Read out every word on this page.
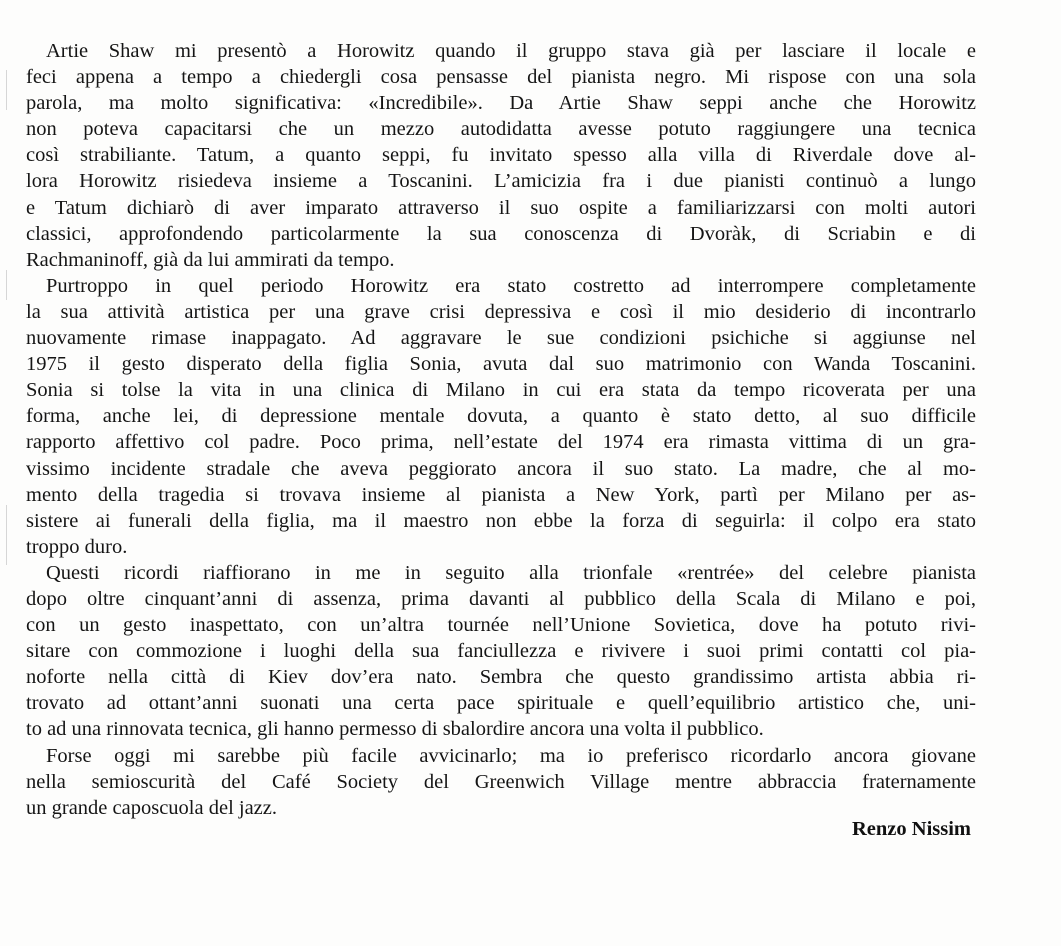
Artie Shaw mi presentò a Horowitz quando il gruppo stava già per lasciare il locale e
feci appena a tempo a chiedergli cosa pensasse del pianista negro. Mi rispose con una sola
parola, ma molto significativa: «Incredibile». Da Artie Shaw seppi anche che Horowitz
non poteva capacitarsi che un mezzo autodidatta avesse potuto raggiungere una tecnica
così strabiliante. Tatum, a quanto seppi, fu invitato spesso alla villa di Riverdale dove al-
lora Horowitz risiedeva insieme a Toscanini. L’amicizia fra i due pianisti continuò a lungo
e Tatum dichiarò di aver imparato attraverso il suo ospite a familiarizzarsi con molti autori
classici, approfondendo particolarmente la sua conoscenza di Dvoràk, di Scriabin e di
Rachmaninoff, già da lui ammirati da tempo.
Purtroppo in quel periodo Horowitz era stato costretto ad interrompere completamente
la sua attività artistica per una grave crisi depressiva e così il mio desiderio di incontrarlo
nuovamente rimase inappagato. Ad aggravare le sue condizioni psichiche si aggiunse nel
1975 il gesto disperato della figlia Sonia, avuta dal suo matrimonio con Wanda Toscanini.
Sonia si tolse la vita in una clinica di Milano in cui era stata da tempo ricoverata per una
forma, anche lei, di depressione mentale dovuta, a quanto è stato detto, al suo difficile
rapporto affettivo col padre. Poco prima, nell’estate del 1974 era rimasta vittima di un gra-
vissimo incidente stradale che aveva peggiorato ancora il suo stato. La madre, che al mo-
mento della tragedia si trovava insieme al pianista a New York, partì per Milano per as-
sistere ai funerali della figlia, ma il maestro non ebbe la forza di seguirla: il colpo era stato
troppo duro.
Questi ricordi riaffiorano in me in seguito alla trionfale «rentrée» del celebre pianista
dopo oltre cinquant’anni di assenza, prima davanti al pubblico della Scala di Milano e poi,
con un gesto inaspettato, con un’altra tournée nell’Unione Sovietica, dove ha potuto rivi-
sitare con commozione i luoghi della sua fanciullezza e rivivere i suoi primi contatti col pia-
noforte nella città di Kiev dov’era nato. Sembra che questo grandissimo artista abbia ri-
trovato ad ottant’anni suonati una certa pace spirituale e quell’equilibrio artistico che, uni-
to ad una rinnovata tecnica, gli hanno permesso di sbalordire ancora una volta il pubblico.
Forse oggi mi sarebbe più facile avvicinarlo; ma io preferisco ricordarlo ancora giovane
nella semioscurità del Café Society del Greenwich Village mentre abbraccia fraternamente
un grande caposcuola del jazz.
Renzo Nissim
